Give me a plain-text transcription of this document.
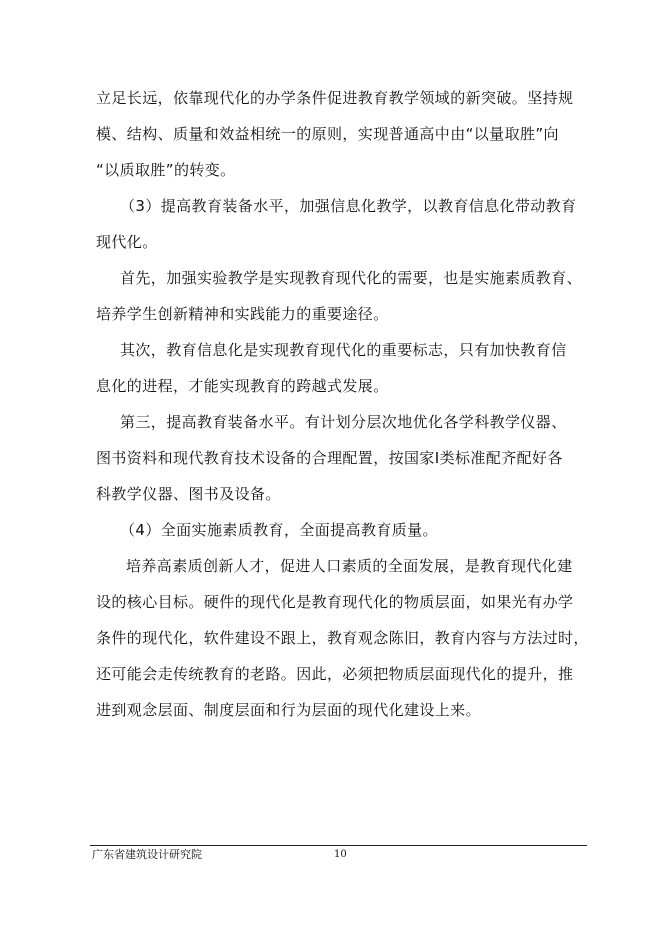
立足长远，依靠现代化的办学条件促进教育教学领域的新突破。坚持规
模、结构、质量和效益相统一的原则，实现普通高中由“以量取胜”向
“以质取胜”的转变。
（3）提高教育装备水平，加强信息化教学，以教育信息化带动教育
现代化。
首先，加强实验教学是实现教育现代化的需要，也是实施素质教育、
培养学生创新精神和实践能力的重要途径。
其次，教育信息化是实现教育现代化的重要标志，只有加快教育信
息化的进程，才能实现教育的跨越式发展。
第三，提高教育装备水平。有计划分层次地优化各学科教学仪器、
图书资料和现代教育技术设备的合理配置，按国家Ⅰ类标准配齐配好各
科教学仪器、图书及设备。
（4）全面实施素质教育，全面提高教育质量。
培养高素质创新人才，促进人口素质的全面发展，是教育现代化建
设的核心目标。硬件的现代化是教育现代化的物质层面，如果光有办学
条件的现代化，软件建设不跟上，教育观念陈旧，教育内容与方法过时，
还可能会走传统教育的老路。因此，必须把物质层面现代化的提升，推
进到观念层面、制度层面和行为层面的现代化建设上来。
广东省建筑设计研究院	10
